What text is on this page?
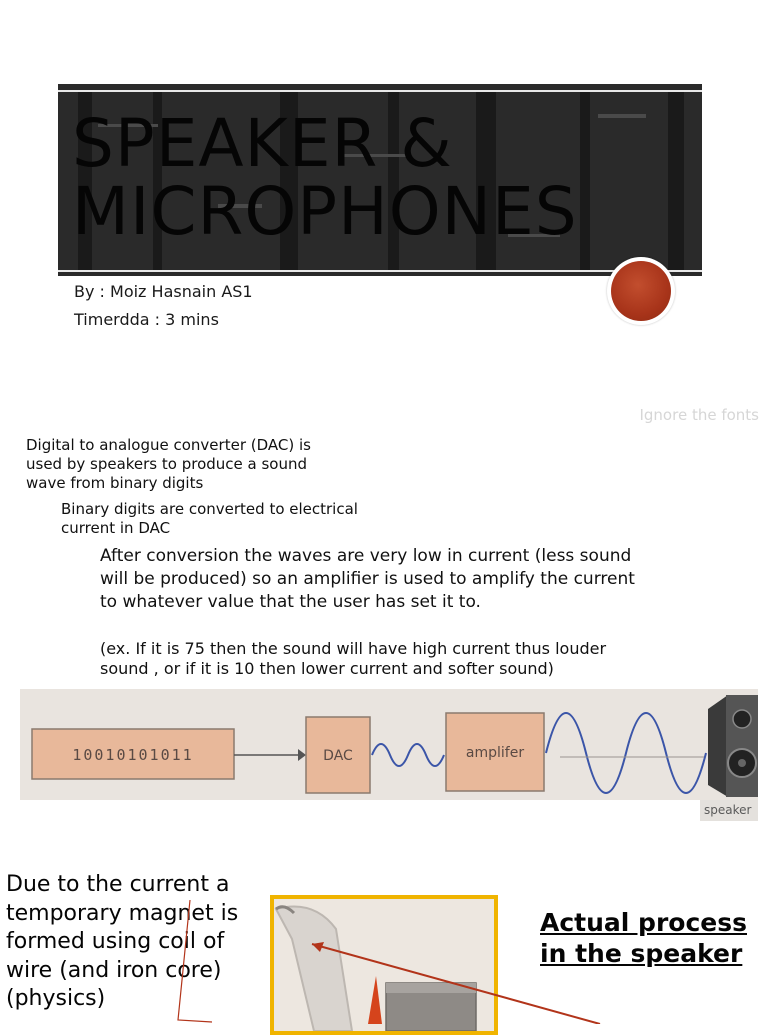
SPEAKER & MICROPHONES
By : Moiz Hasnain AS1
Timerdda : 3 mins
Ignore the fonts
Digital to analogue converter (DAC) is used by speakers to produce a sound wave from binary digits
Binary digits are converted to electrical current in DAC
After conversion the waves are very low in current (less sound will be produced) so an amplifier is used to amplify the current to whatever value that the user has set it to.
(ex. If it is 75 then the sound will have high current thus louder sound , or if it is 10 then lower current and softer sound)
10010101011	DAC	amplifer
speaker
Due to the current a temporary magnet is formed using coil of wire (and iron core) (physics)
Actual process in the speaker
